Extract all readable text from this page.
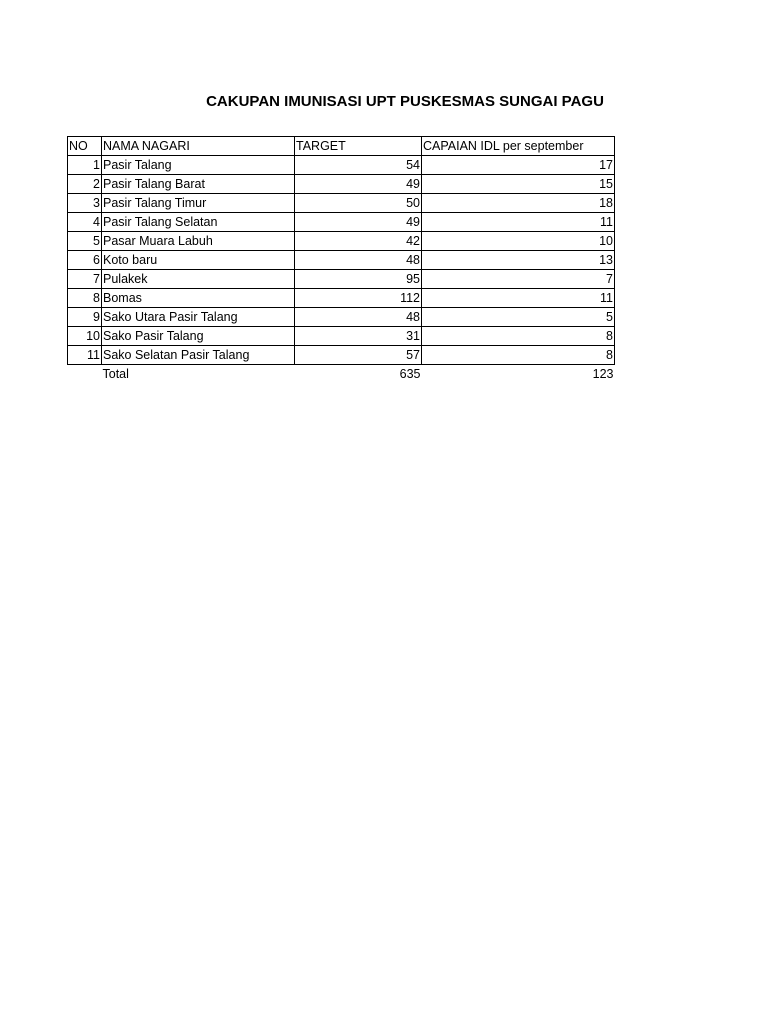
CAKUPAN IMUNISASI UPT PUSKESMAS SUNGAI PAGU
NO	NAMA NAGARI	TARGET	CAPAIAN IDL per september
1	Pasir Talang	54	17
2	Pasir Talang Barat	49	15
3	Pasir Talang Timur	50	18
4	Pasir Talang Selatan	49	11
5	Pasar Muara Labuh	42	10
6	Koto baru	48	13
7	Pulakek	95	7
8	Bomas	112	11
9	Sako Utara Pasir Talang	48	5
10	Sako Pasir Talang	31	8
11	Sako Selatan Pasir Talang	57	8
	Total	635	123
